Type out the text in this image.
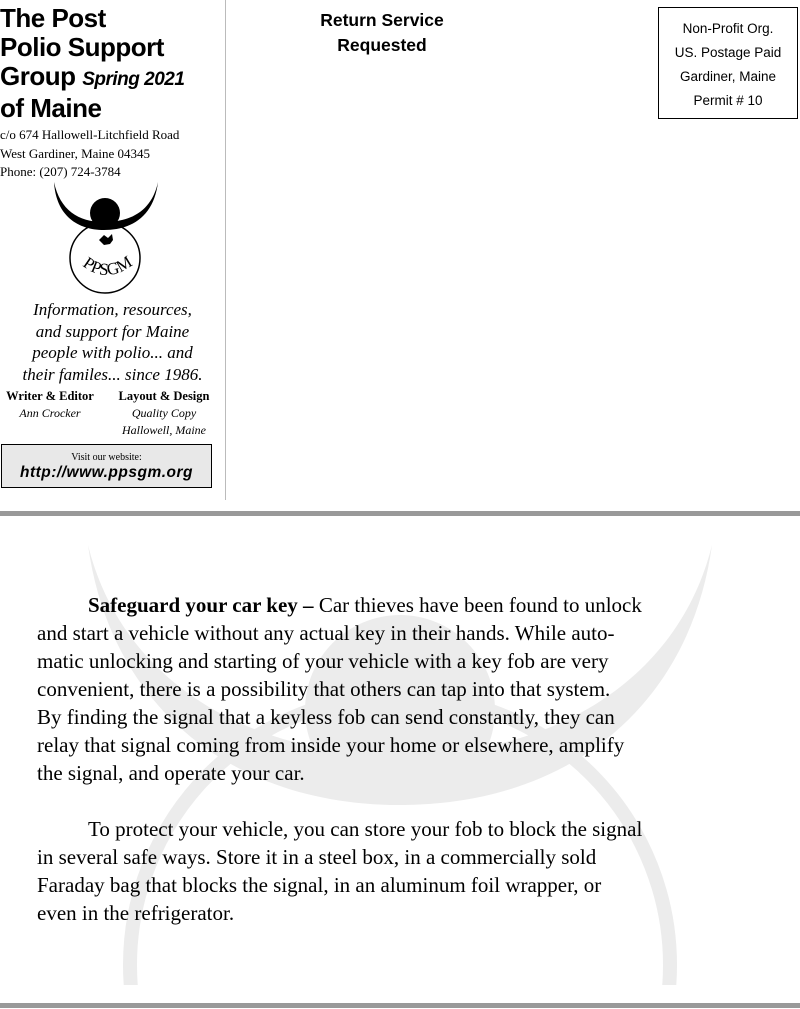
The Post
Polio Support
Group Spring 2021
of Maine
c/o 674 Hallowell-Litchfield Road
West Gardiner, Maine 04345
Phone: (207) 724-3784
PPSGM
Information, resources,
and support for Maine
people with polio... and
their familes... since 1986.
Writer & Editor
Ann Crocker
Layout & Design
Quality Copy
Hallowell, Maine
Visit our website:
http://www.ppsgm.org
Return Service
Requested
Non-Profit Org.
US. Postage Paid
Gardiner, Maine
Permit # 10

Safeguard your car key – Car thieves have been found to unlock
and start a vehicle without any actual key in their hands. While auto-
matic unlocking and starting of your vehicle with a key fob are very
convenient, there is a possibility that others can tap into that system.
By finding the signal that a keyless fob can send constantly, they can
relay that signal coming from inside your home or elsewhere, amplify
the signal, and operate your car.

To protect your vehicle, you can store your fob to block the signal
in several safe ways. Store it in a steel box, in a commercially sold
Faraday bag that blocks the signal, in an aluminum foil wrapper, or
even in the refrigerator.
